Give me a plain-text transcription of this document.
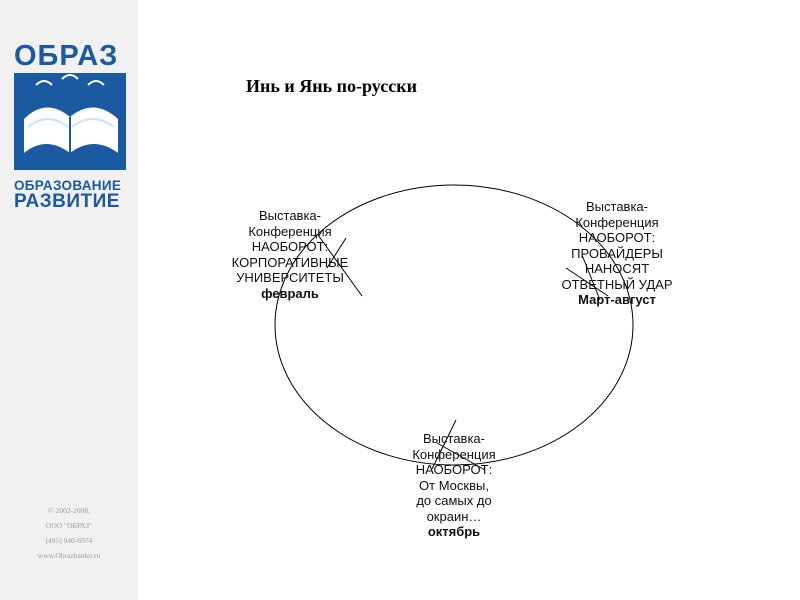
ОБРАЗ
ОБРАЗОВАНИЕ
РАЗВИТИЕ
© 2002-2008,
ООО "ОБРАЗ"
(495) 940-6974
www.Obrazbanko.ru
Инь и Янь по-русски
Выставка-
Конференция
НАОБОРОТ:
КОРПОРАТИВНЫЕ
УНИВЕРСИТЕТЫ
февраль
Выставка-
Конференция
НАОБОРОТ:
ПРОВАЙДЕРЫ
НАНОСЯТ
ОТВЕТНЫЙ УДАР
Март-август
Выставка-
Конференция
НАОБОРОТ:
От Москвы,
до самых до
окраин…
октябрь
